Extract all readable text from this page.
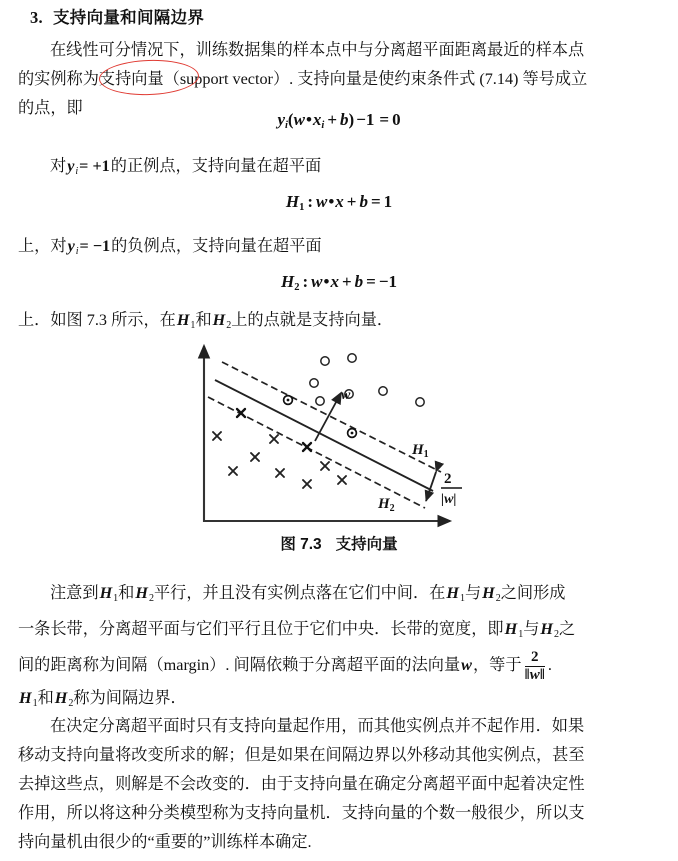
3. 支持向量和间隔边界
在线性可分情况下，训练数据集的样本点中与分离超平面距离最近的样本点
的实例称为支持向量（support vector）. 支持向量是使约束条件式 (7.14) 等号成立
的点，即
$y_i(w•x_i + b) -1 = 0$
对$y_i= +1$的正例点，支持向量在超平面
$H_1$ : w•x + b = 1
上，对$y_i= -1$的负例点，支持向量在超平面
$H_2$ : w•x + b = −1
上．如图 7.3 所示，在$H_1$和$H_2$上的点就是支持向量．
$H_1$
$H_2$
w
2
|w|
图 7.3 支持向量
注意到$H_1$和$H_2$平行，并且没有实例点落在它们中间．在$H_1$与$H_2$之间形成
一条长带，分离超平面与它们平行且位于它们中央．长带的宽度，即$H_1$与$H_2$之
间的距离称为间隔（margin）. 间隔依赖于分离超平面的法向量w，等于 $\frac{2}{‖w‖}$ .
$H_1$和$H_2$称为间隔边界．
在决定分离超平面时只有支持向量起作用，而其他实例点并不起作用．如果
移动支持向量将改变所求的解；但是如果在间隔边界以外移动其他实例点，甚至
去掉这些点，则解是不会改变的．由于支持向量在确定分离超平面中起着决定性
作用，所以将这种分类模型称为支持向量机．支持向量的个数一般很少，所以支
持向量机由很少的“重要的”训练样本确定.
